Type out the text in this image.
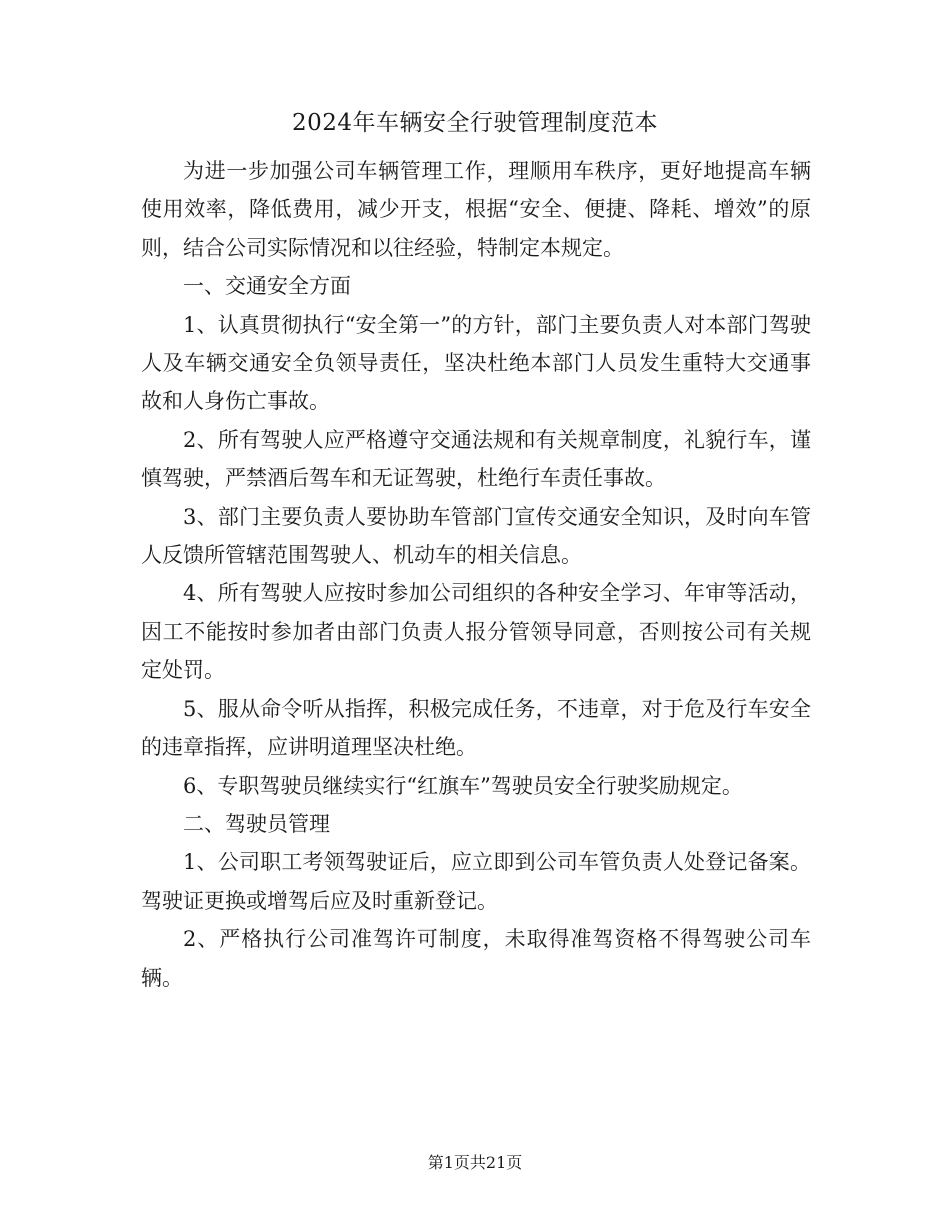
2024年车辆安全行驶管理制度范本

为进一步加强公司车辆管理工作，理顺用车秩序，更好地提高车辆使用效率，降低费用，减少开支，根据“安全、便捷、降耗、增效”的原则，结合公司实际情况和以往经验，特制定本规定。

一、交通安全方面

1、认真贯彻执行“安全第一”的方针，部门主要负责人对本部门驾驶人及车辆交通安全负领导责任，坚决杜绝本部门人员发生重特大交通事故和人身伤亡事故。

2、所有驾驶人应严格遵守交通法规和有关规章制度，礼貌行车，谨慎驾驶，严禁酒后驾车和无证驾驶，杜绝行车责任事故。

3、部门主要负责人要协助车管部门宣传交通安全知识，及时向车管人反馈所管辖范围驾驶人、机动车的相关信息。

4、所有驾驶人应按时参加公司组织的各种安全学习、年审等活动，因工不能按时参加者由部门负责人报分管领导同意，否则按公司有关规定处罚。

5、服从命令听从指挥，积极完成任务，不违章，对于危及行车安全的违章指挥，应讲明道理坚决杜绝。

6、专职驾驶员继续实行“红旗车”驾驶员安全行驶奖励规定。

二、驾驶员管理

1、公司职工考领驾驶证后，应立即到公司车管负责人处登记备案。驾驶证更换或增驾后应及时重新登记。

2、严格执行公司准驾许可制度，未取得准驾资格不得驾驶公司车辆。

第1页共21页
